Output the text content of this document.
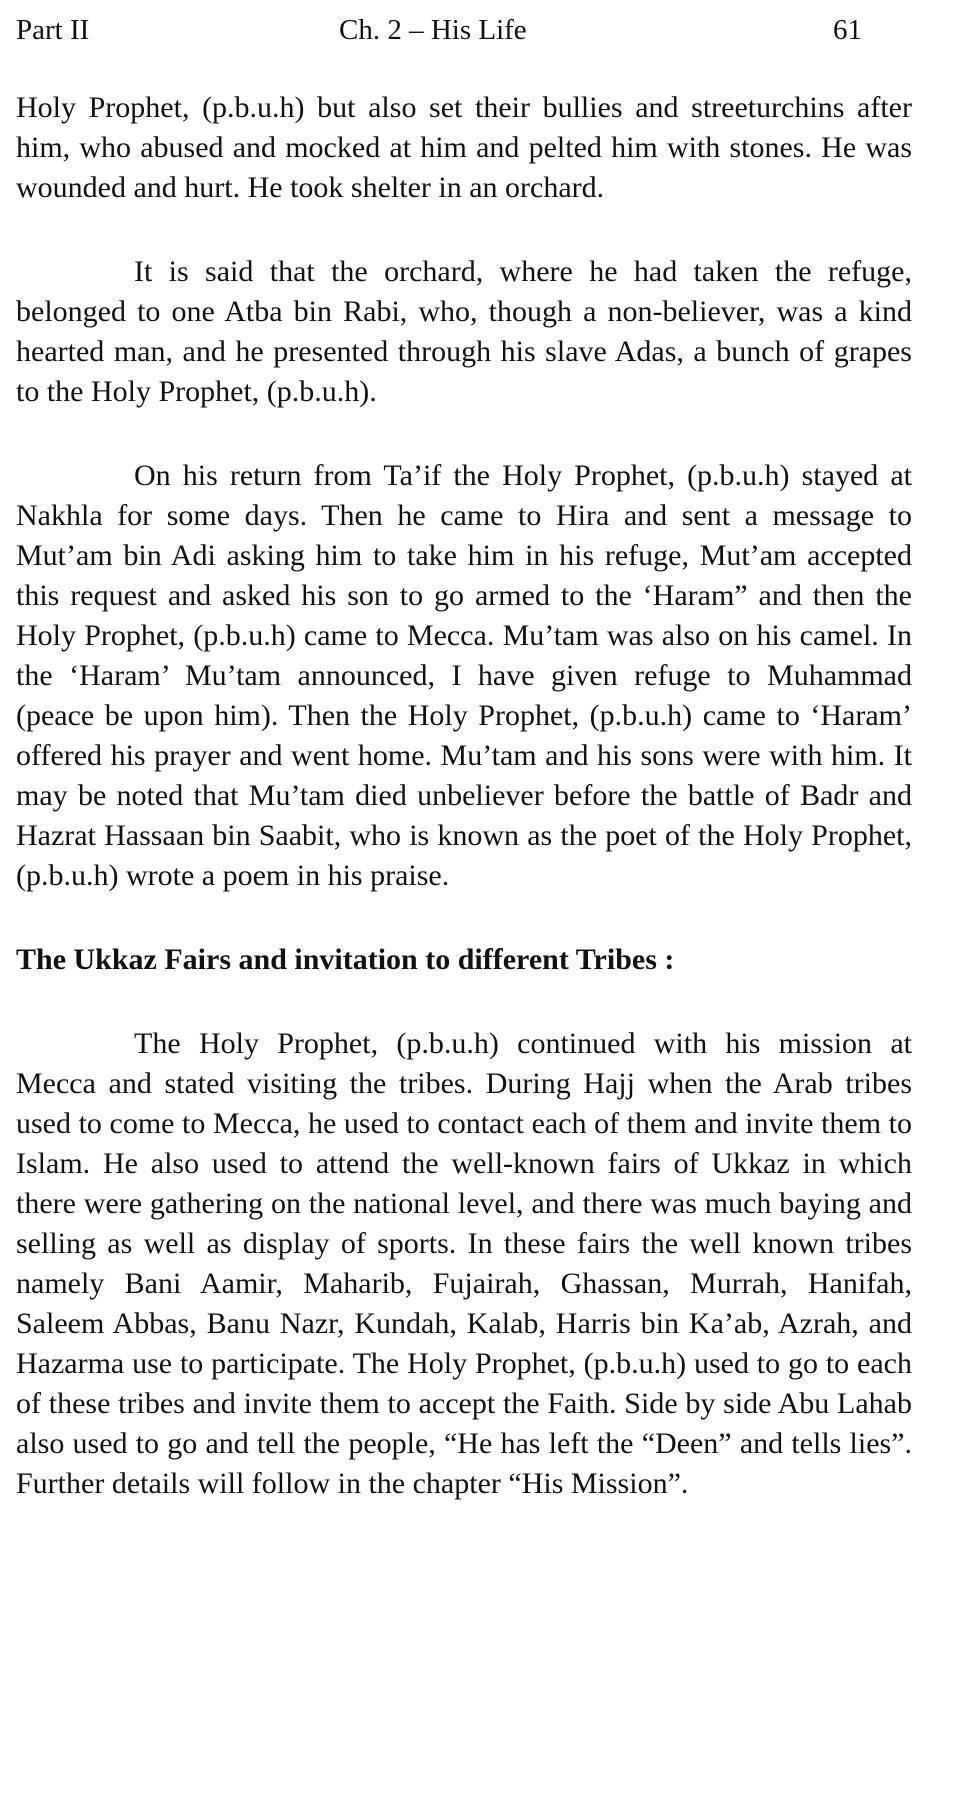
Part II	Ch. 2 – His Life	61

Holy Prophet, (p.b.u.h) but also set their bullies and streeturchins after him, who abused and mocked at him and pelted him with stones. He was wounded and hurt. He took shelter in an orchard.

It is said that the orchard, where he had taken the refuge, belonged to one Atba bin Rabi, who, though a non-believer, was a kind hearted man, and he presented through his slave Adas, a bunch of grapes to the Holy Prophet, (p.b.u.h).

On his return from Ta’if the Holy Prophet, (p.b.u.h) stayed at Nakhla for some days. Then he came to Hira and sent a message to Mut’am bin Adi asking him to take him in his refuge, Mut’am accepted this request and asked his son to go armed to the ‘Haram” and then the Holy Prophet, (p.b.u.h) came to Mecca. Mu’tam was also on his camel. In the ‘Haram’ Mu’tam announced, I have given refuge to Muhammad (peace be upon him). Then the Holy Prophet, (p.b.u.h) came to ‘Haram’ offered his prayer and went home. Mu’tam and his sons were with him. It may be noted that Mu’tam died unbeliever before the battle of Badr and Hazrat Hassaan bin Saabit, who is known as the poet of the Holy Prophet, (p.b.u.h) wrote a poem in his praise.

The Ukkaz Fairs and invitation to different Tribes :

The Holy Prophet, (p.b.u.h) continued with his mission at Mecca and stated visiting the tribes. During Hajj when the Arab tribes used to come to Mecca, he used to contact each of them and invite them to Islam. He also used to attend the well-known fairs of Ukkaz in which there were gathering on the national level, and there was much baying and selling as well as display of sports. In these fairs the well known tribes namely Bani Aamir, Maharib, Fujairah, Ghassan, Murrah, Hanifah, Saleem Abbas, Banu Nazr, Kundah, Kalab, Harris bin Ka’ab, Azrah, and Hazarma use to participate. The Holy Prophet, (p.b.u.h) used to go to each of these tribes and invite them to accept the Faith. Side by side Abu Lahab also used to go and tell the people, “He has left the “Deen” and tells lies”. Further details will follow in the chapter “His Mission”.
